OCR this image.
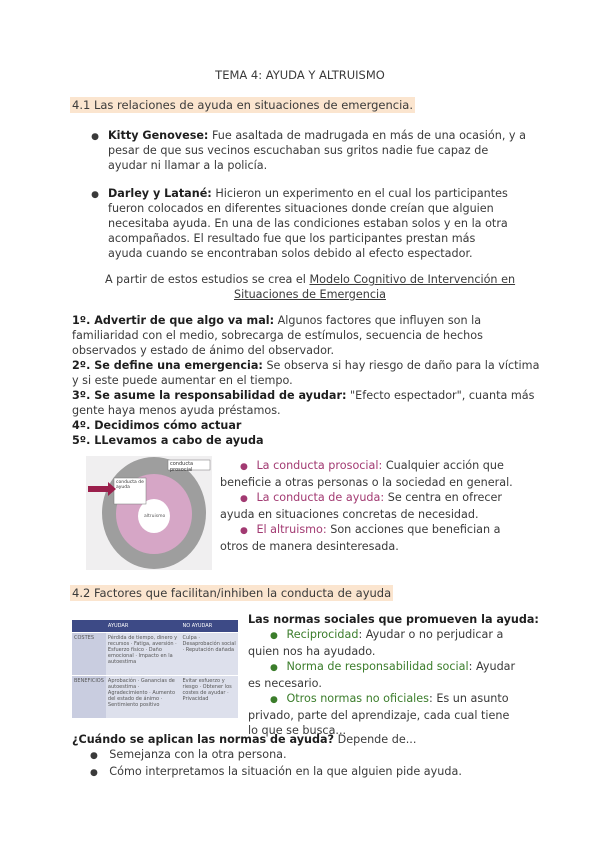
TEMA 4: AYUDA Y ALTRUISMO
4.1 Las relaciones de ayuda en situaciones de emergencia.
● Kitty Genovese: Fue asaltada de madrugada en más de una ocasión, y a
pesar de que sus vecinos escuchaban sus gritos nadie fue capaz de
ayudar ni llamar a la policía.
● Darley y Latané: Hicieron un experimento en el cual los participantes
fueron colocados en diferentes situaciones donde creían que alguien
necesitaba ayuda. En una de las condiciones estaban solos y en la otra
acompañados. El resultado fue que los participantes prestan más
ayuda cuando se encontraban solos debido al efecto espectador.
A partir de estos estudios se crea el Modelo Cognitivo de Intervención en
Situaciones de Emergencia
1º. Advertir de que algo va mal: Algunos factores que influyen son la
familiaridad con el medio, sobrecarga de estímulos, secuencia de hechos
observados y estado de ánimo del observador.
2º. Se define una emergencia: Se observa si hay riesgo de daño para la víctima
y si este puede aumentar en el tiempo.
3º. Se asume la responsabilidad de ayudar: "Efecto espectador", cuanta más
gente haya menos ayuda préstamos.
4º. Decidimos cómo actuar
5º. LLevamos a cabo de ayuda
conducta prosocial
conducta de ayuda
altruismo
●   La conducta prosocial: Cualquier acción que
beneficie a otras personas o la sociedad en general.
●   La conducta de ayuda: Se centra en ofrecer
ayuda en situaciones concretas de necesidad.
●   El altruismo: Son acciones que benefician a
otros de manera desinteresada.
4.2 Factores que facilitan/inhiben la conducta de ayuda
	AYUDAR	NO AYUDAR
COSTES	Pérdida de tiempo, dinero y recursos · Fatiga, aversión · Esfuerzo físico · Daño emocional · Impacto en la autoestima	Culpa · Desaprobación social · Reputación dañada
BENEFICIOS	Aprobación · Ganancias de autoestima · Agradecimiento · Aumento del estado de ánimo · Sentimiento positivo	Evitar esfuerzo y riesgo · Obtener los costes de ayudar · Privacidad
Las normas sociales que promueven la ayuda:
●   Reciprocidad: Ayudar o no perjudicar a
quien nos ha ayudado.
●   Norma de responsabilidad social: Ayudar
es necesario.
●   Otros normas no oficiales: Es un asunto
privado, parte del aprendizaje, cada cual tiene
lo que se busca...
¿Cuándo se aplican las normas de ayuda? Depende de...
●    Semejanza con la otra persona.
●    Cómo interpretamos la situación en la que alguien pide ayuda.
